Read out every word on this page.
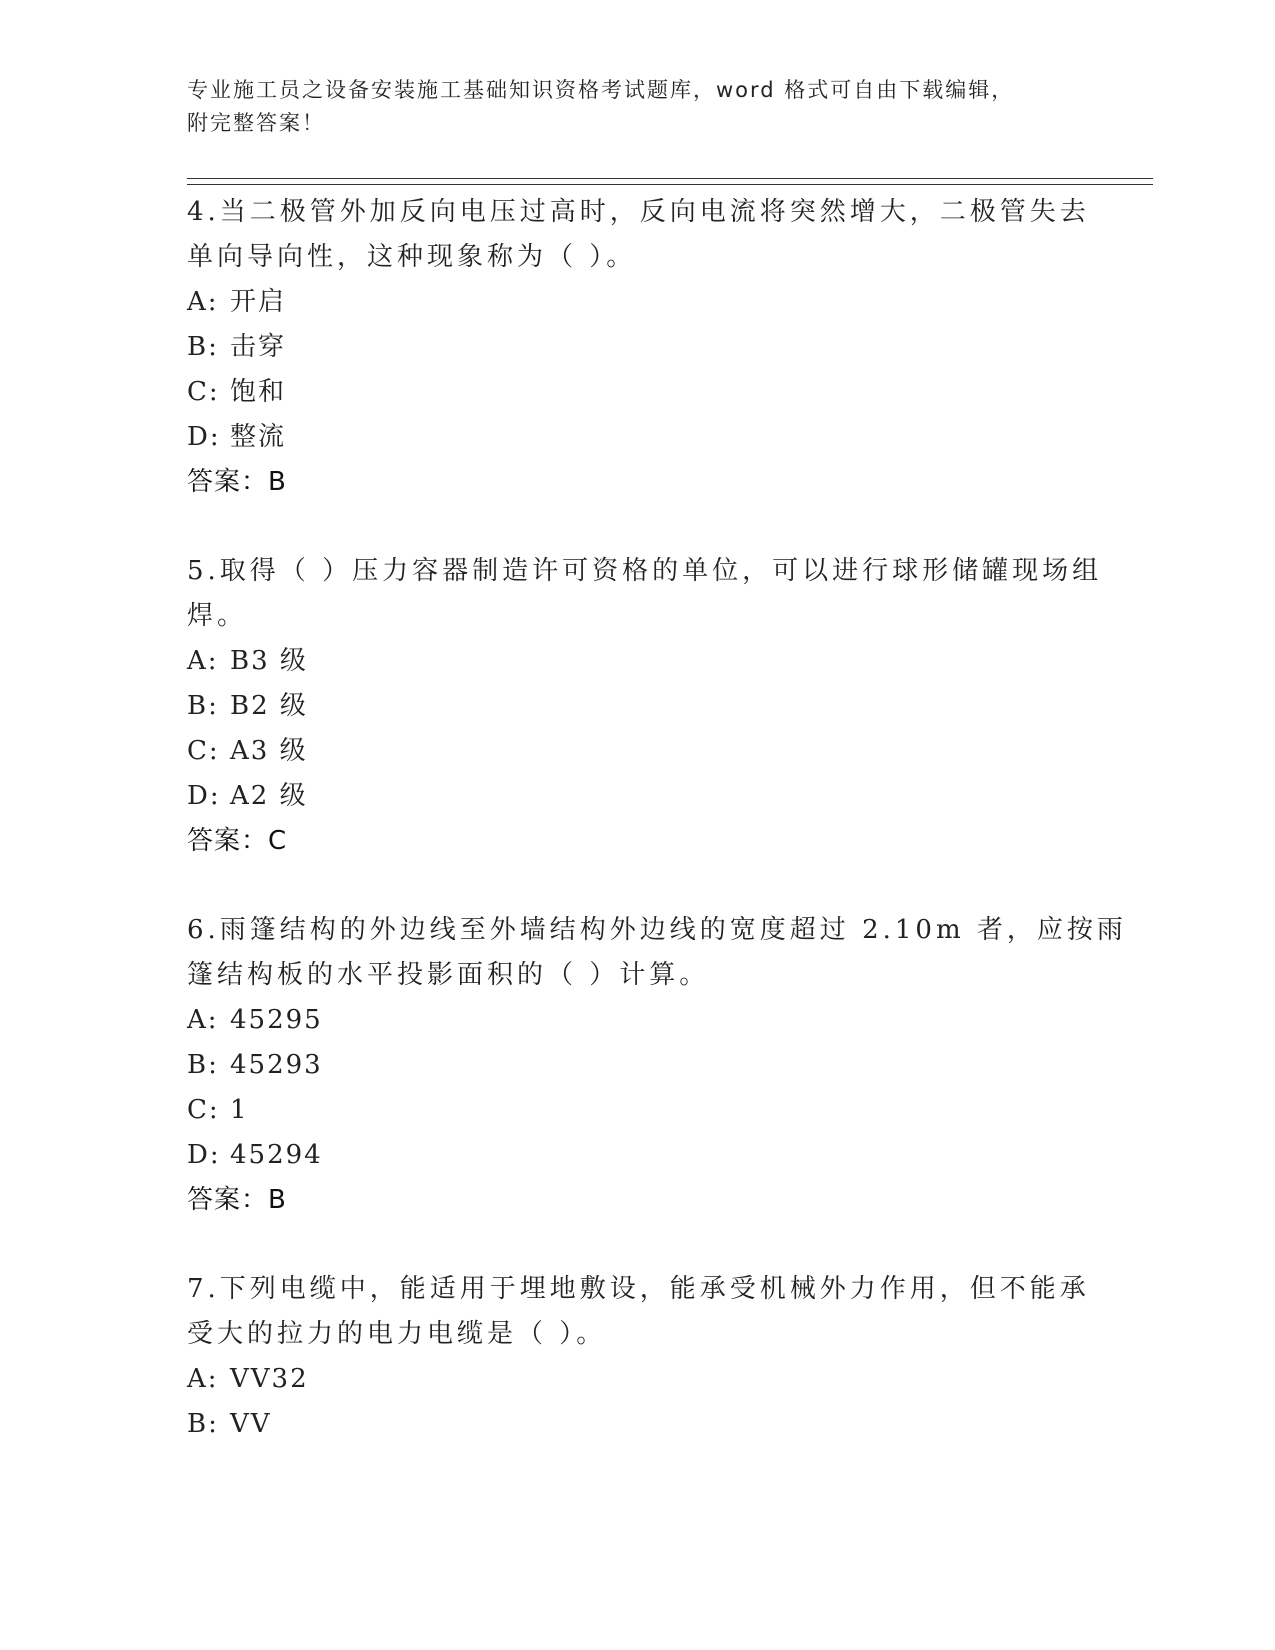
专业施工员之设备安装施工基础知识资格考试题库，word 格式可自由下载编辑，
附完整答案！
4.当二极管外加反向电压过高时，反向电流将突然增大，二极管失去
单向导向性，这种现象称为（ ）。
A: 开启
B: 击穿
C: 饱和
D: 整流
答案：B
5.取得（ ）压力容器制造许可资格的单位，可以进行球形储罐现场组
焊。
A: B3 级
B: B2 级
C: A3 级
D: A2 级
答案：C
6.雨篷结构的外边线至外墙结构外边线的宽度超过 2.10m 者，应按雨
篷结构板的水平投影面积的（ ）计算。
A: 45295
B: 45293
C: 1
D: 45294
答案：B
7.下列电缆中，能适用于埋地敷设，能承受机械外力作用，但不能承
受大的拉力的电力电缆是（ ）。
A: VV32
B: VV
